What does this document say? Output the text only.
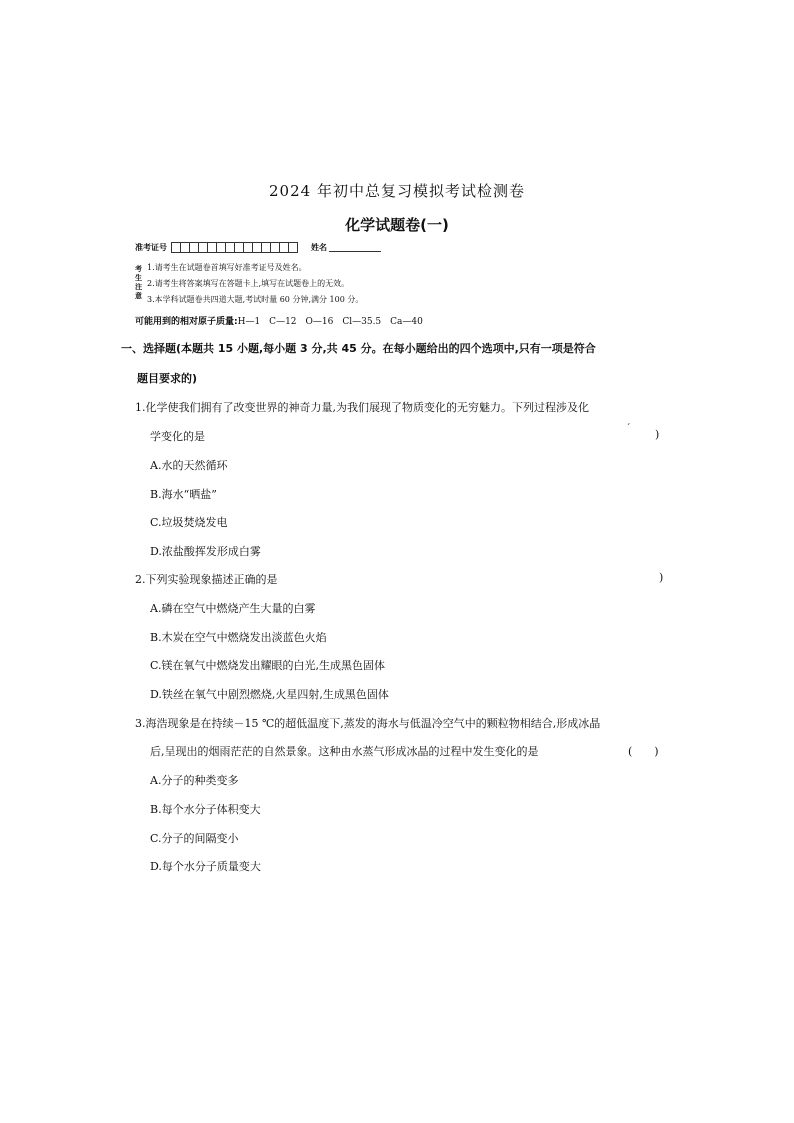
2024 年初中总复习模拟考试检测卷
化学试题卷(一)
准考证号	姓名
考生注意
1.请考生在试题卷首填写好准考证号及姓名。
2.请考生将答案填写在答题卡上,填写在试题卷上的无效。
3.本学科试题卷共四道大题,考试时量 60 分钟,满分 100 分。
可能用到的相对原子质量:H—1　C—12　O—16　Cl—35.5　Ca—40
一、选择题(本题共 15 小题,每小题 3 分,共 45 分。在每小题给出的四个选项中,只有一项是符合
题目要求的)
1.化学使我们拥有了改变世界的神奇力量,为我们展现了物质变化的无穷魅力。下列过程涉及化
学变化的是
ˊ )
A.水的天然循环
B.海水“晒盐”
C.垃圾焚烧发电
D.浓盐酸挥发形成白雾
2.下列实验现象描述正确的是	)
A.磷在空气中燃烧产生大量的白雾
B.木炭在空气中燃烧发出淡蓝色火焰
C.镁在氧气中燃烧发出耀眼的白光,生成黑色固体
D.铁丝在氧气中剧烈燃烧,火星四射,生成黑色固体
3.海浩现象是在持续－15 ℃的超低温度下,蒸发的海水与低温冷空气中的颗粒物相结合,形成冰晶
后,呈现出的烟雨茫茫的自然景象。这种由水蒸气形成冰晶的过程中发生变化的是	(　　)
A.分子的种类变多
B.每个水分子体积变大
C.分子的间隔变小
D.每个水分子质量变大
